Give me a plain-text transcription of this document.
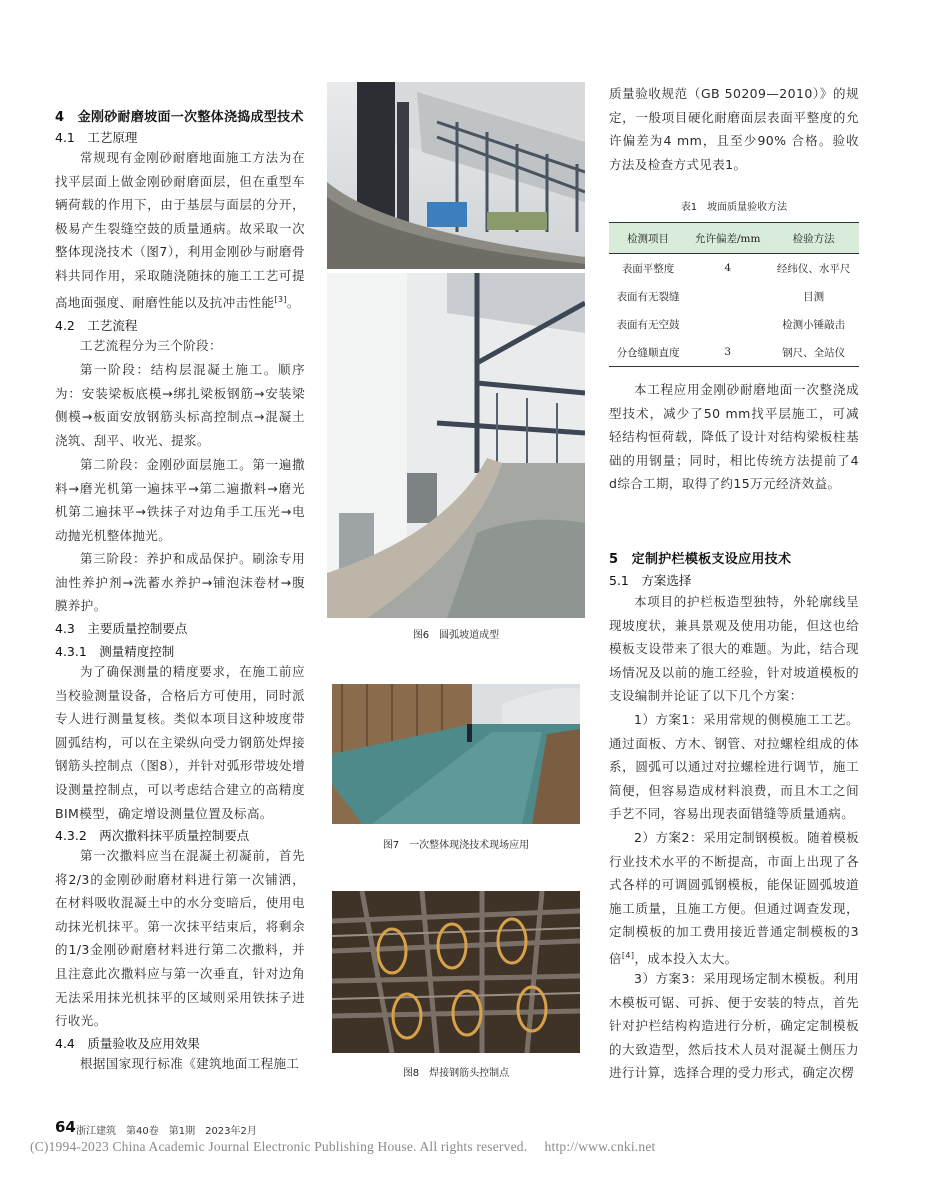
4　金刚砂耐磨坡面一次整体浇捣成型技术
4.1　工艺原理
常规现有金刚砂耐磨地面施工方法为在找平层面上做金刚砂耐磨面层，但在重型车辆荷载的作用下，由于基层与面层的分开，极易产生裂缝空鼓的质量通病。故采取一次整体现浇技术（图7），利用金刚砂与耐磨骨料共同作用，采取随浇随抹的施工工艺可提高地面强度、耐磨性能以及抗冲击性能[3]。
4.2　工艺流程
工艺流程分为三个阶段：
第一阶段：结构层混凝土施工。顺序为：安装梁板底模→绑扎梁板钢筋→安装梁侧模→板面安放钢筋头标高控制点→混凝土浇筑、刮平、收光、提浆。
第二阶段：金刚砂面层施工。第一遍撒料→磨光机第一遍抹平→第二遍撒料→磨光机第二遍抹平→铁抹子对边角手工压光→电动抛光机整体抛光。
第三阶段：养护和成品保护。刷涂专用油性养护剂→洗蓄水养护→铺泡沫卷材→腹膜养护。
4.3　主要质量控制要点
4.3.1　测量精度控制
为了确保测量的精度要求，在施工前应当校验测量设备，合格后方可使用，同时派专人进行测量复核。类似本项目这种坡度带圆弧结构，可以在主梁纵向受力钢筋处焊接钢筋头控制点（图8），并针对弧形带坡处增设测量控制点，可以考虑结合建立的高精度BIM模型，确定增设测量位置及标高。
4.3.2　两次撒料抹平质量控制要点
第一次撒料应当在混凝土初凝前，首先将2/3的金刚砂耐磨材料进行第一次铺洒，在材料吸收混凝土中的水分变暗后，使用电动抹光机抹平。第一次抹平结束后，将剩余的1/3金刚砂耐磨材料进行第二次撒料，并且注意此次撒料应与第一次垂直，针对边角无法采用抹光机抹平的区域则采用铁抹子进行收光。
4.4　质量验收及应用效果
根据国家现行标准《建筑地面工程施工
图6　圆弧坡道成型
图7　一次整体现浇技术现场应用
图8　焊接钢筋头控制点
质量验收规范（GB 50209—2010）》的规定，一般项目硬化耐磨面层表面平整度的允许偏差为4 mm，且至少90% 合格。验收方法及检查方式见表1。
表1　坡面质量验收方法
检测项目	允许偏差/mm	检验方法
表面平整度	4	经纬仪、水平尺
表面有无裂缝		目测
表面有无空鼓		检测小锤敲击
分仓缝顺直度	3	钢尺、全站仪
本工程应用金刚砂耐磨地面一次整浇成型技术，减少了50 mm找平层施工，可减轻结构恒荷载，降低了设计对结构梁板柱基础的用钢量；同时，相比传统方法提前了4 d综合工期，取得了约15万元经济效益。
5　定制护栏模板支设应用技术
5.1　方案选择
本项目的护栏板造型独特，外轮廓线呈现坡度状，兼具景观及使用功能，但这也给模板支设带来了很大的难题。为此，结合现场情况及以前的施工经验，针对坡道模板的支设编制并论证了以下几个方案：
1）方案1：采用常规的侧模施工工艺。通过面板、方木、钢管、对拉螺栓组成的体系，圆弧可以通过对拉螺栓进行调节，施工简便，但容易造成材料浪费，而且木工之间手艺不同，容易出现表面错缝等质量通病。
2）方案2：采用定制钢模板。随着模板行业技术水平的不断提高，市面上出现了各式各样的可调圆弧钢模板，能保证圆弧坡道施工质量，且施工方便。但通过调查发现，定制模板的加工费用接近普通定制模板的3倍[4]，成本投入太大。
3）方案3：采用现场定制木模板。利用木模板可锯、可拆、便于安装的特点，首先针对护栏结构构造进行分析，确定定制模板的大致造型，然后技术人员对混凝土侧压力进行计算，选择合理的受力形式，确定次楞
64 浙江建筑　第40卷　第1期　2023年2月
(C)1994-2023 China Academic Journal Electronic Publishing House. All rights reserved.　 http://www.cnki.net
